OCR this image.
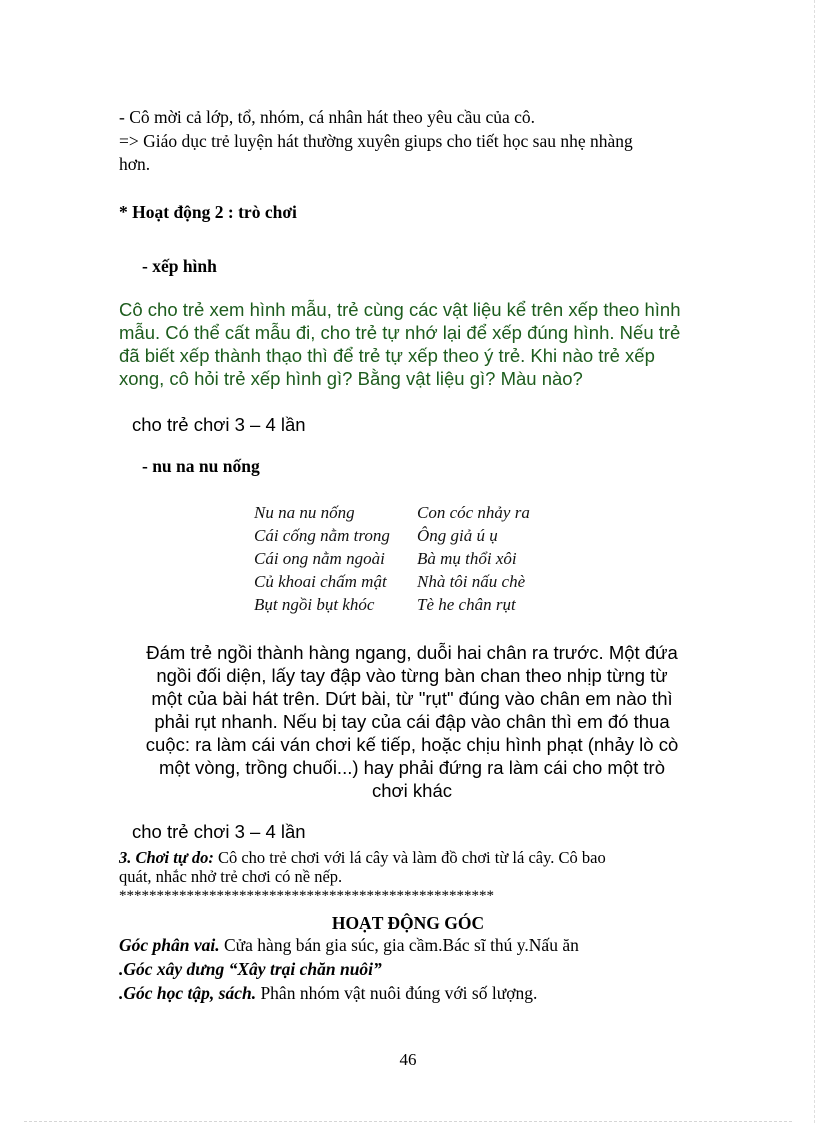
- Cô mời cả lớp, tổ, nhóm, cá nhân hát theo yêu cầu của cô.
=> Giáo dục trẻ luyện hát thường xuyên giups cho tiết học sau nhẹ nhàng
hơn.
* Hoạt động 2 : trò chơi
- xếp hình
Cô cho trẻ xem hình mẫu, trẻ cùng các vật liệu kể trên xếp theo hình
mẫu. Có thể cất mẫu đi, cho trẻ tự nhớ lại để xếp đúng hình. Nếu trẻ
đã biết xếp thành thạo thì để trẻ tự xếp theo ý trẻ. Khi nào trẻ xếp
xong, cô hỏi trẻ xếp hình gì? Bằng vật liệu gì? Màu nào?
cho trẻ chơi 3 – 4 lần
- nu na nu nống
Nu na nu nống
Cái cống nằm trong
Cái ong nằm ngoài
Củ khoai chấm mật
Bụt ngồi bụt khóc
Con cóc nhảy ra
Ông giả ú ụ
Bà mụ thổi xôi
Nhà tôi nấu chè
Tè he chân rụt
Đám trẻ ngồi thành hàng ngang, duỗi hai chân ra trước. Một đứa
ngồi đối diện, lấy tay đập vào từng bàn chan theo nhịp từng từ
một của bài hát trên. Dứt bài, từ "rụt" đúng vào chân em nào thì
phải rụt nhanh. Nếu bị tay của cái đập vào chân thì em đó thua
cuộc: ra làm cái ván chơi kế tiếp, hoặc chịu hình phạt (nhảy lò cò
một vòng, trồng chuối...) hay phải đứng ra làm cái cho một trò
chơi khác
cho trẻ chơi 3 – 4 lần
3. Chơi tự do: Cô cho trẻ chơi với lá cây và làm đồ chơi từ lá cây. Cô bao
quát, nhắc nhở trẻ chơi có nề nếp.
**************************************************
HOẠT ĐỘNG GÓC
Góc phân vai. Cửa hàng bán gia súc, gia cầm.Bác sĩ thú y.Nấu ăn
.Góc xây dưng “Xây trại chăn nuôi”
.Góc học tập, sách. Phân nhóm vật nuôi đúng với số lượng.
46
